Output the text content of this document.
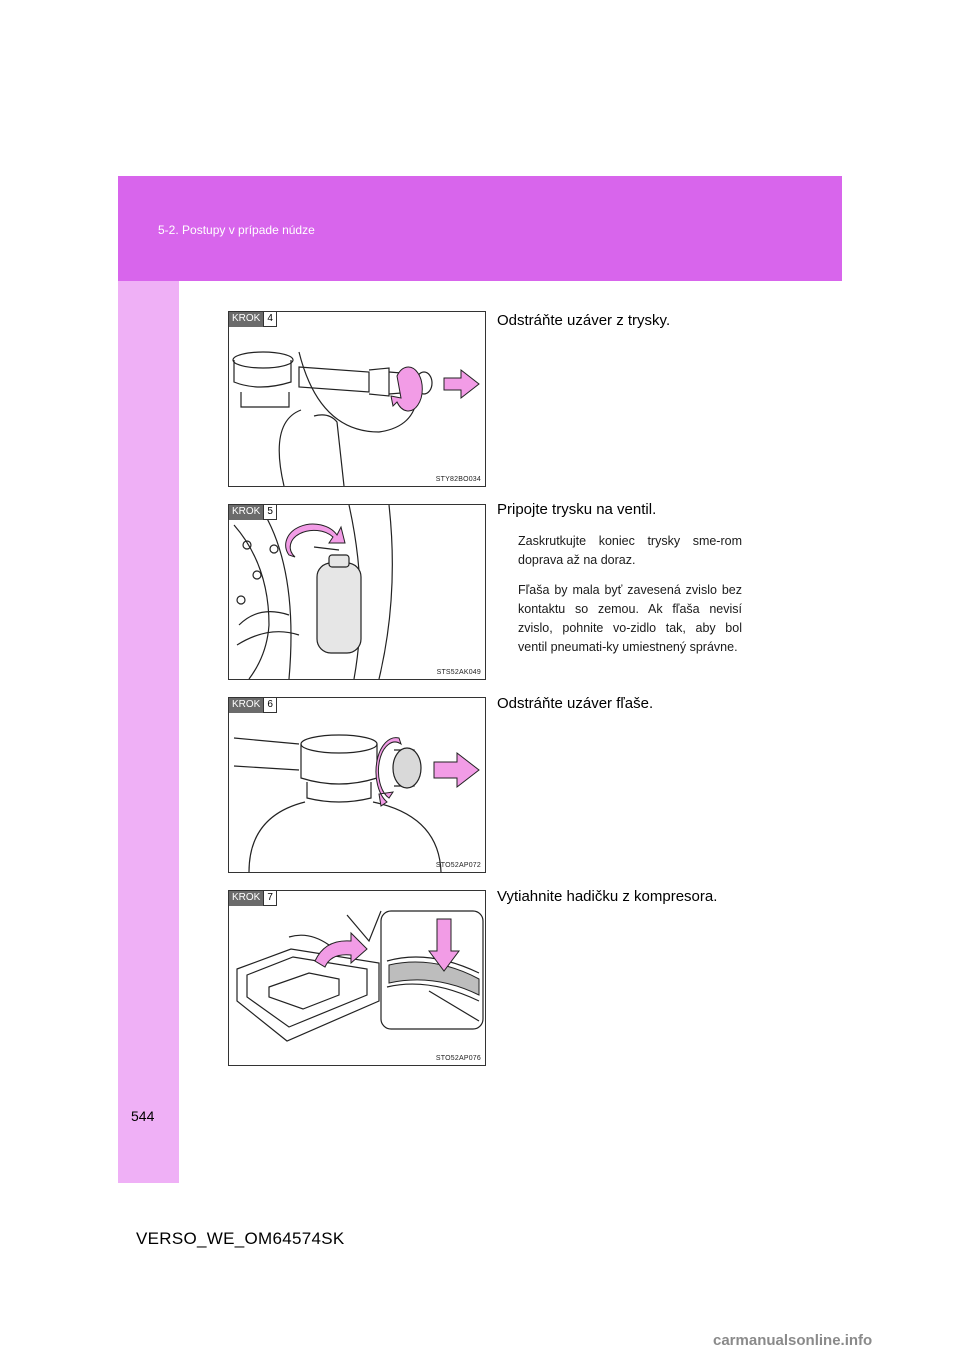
5-2. Postupy v prípade núdze
KROK 4
STY82BO034

Odstráňte uzáver z trysky.

KROK 5
STS52AK049

Pripojte trysku na ventil.

Zaskrutkujte koniec trysky sme-rom doprava až na doraz.

Fľaša by mala byť zavesená zvislo bez kontaktu so zemou. Ak fľaša nevisí zvislo, pohnite vo-zidlo tak, aby bol ventil pneumati-ky umiestnený správne.

KROK 6
STO52AP072

Odstráňte uzáver fľaše.

KROK 7
STO52AP076

Vytiahnite hadičku z kompresora.

544
VERSO_WE_OM64574SK
carmanualsonline.info
